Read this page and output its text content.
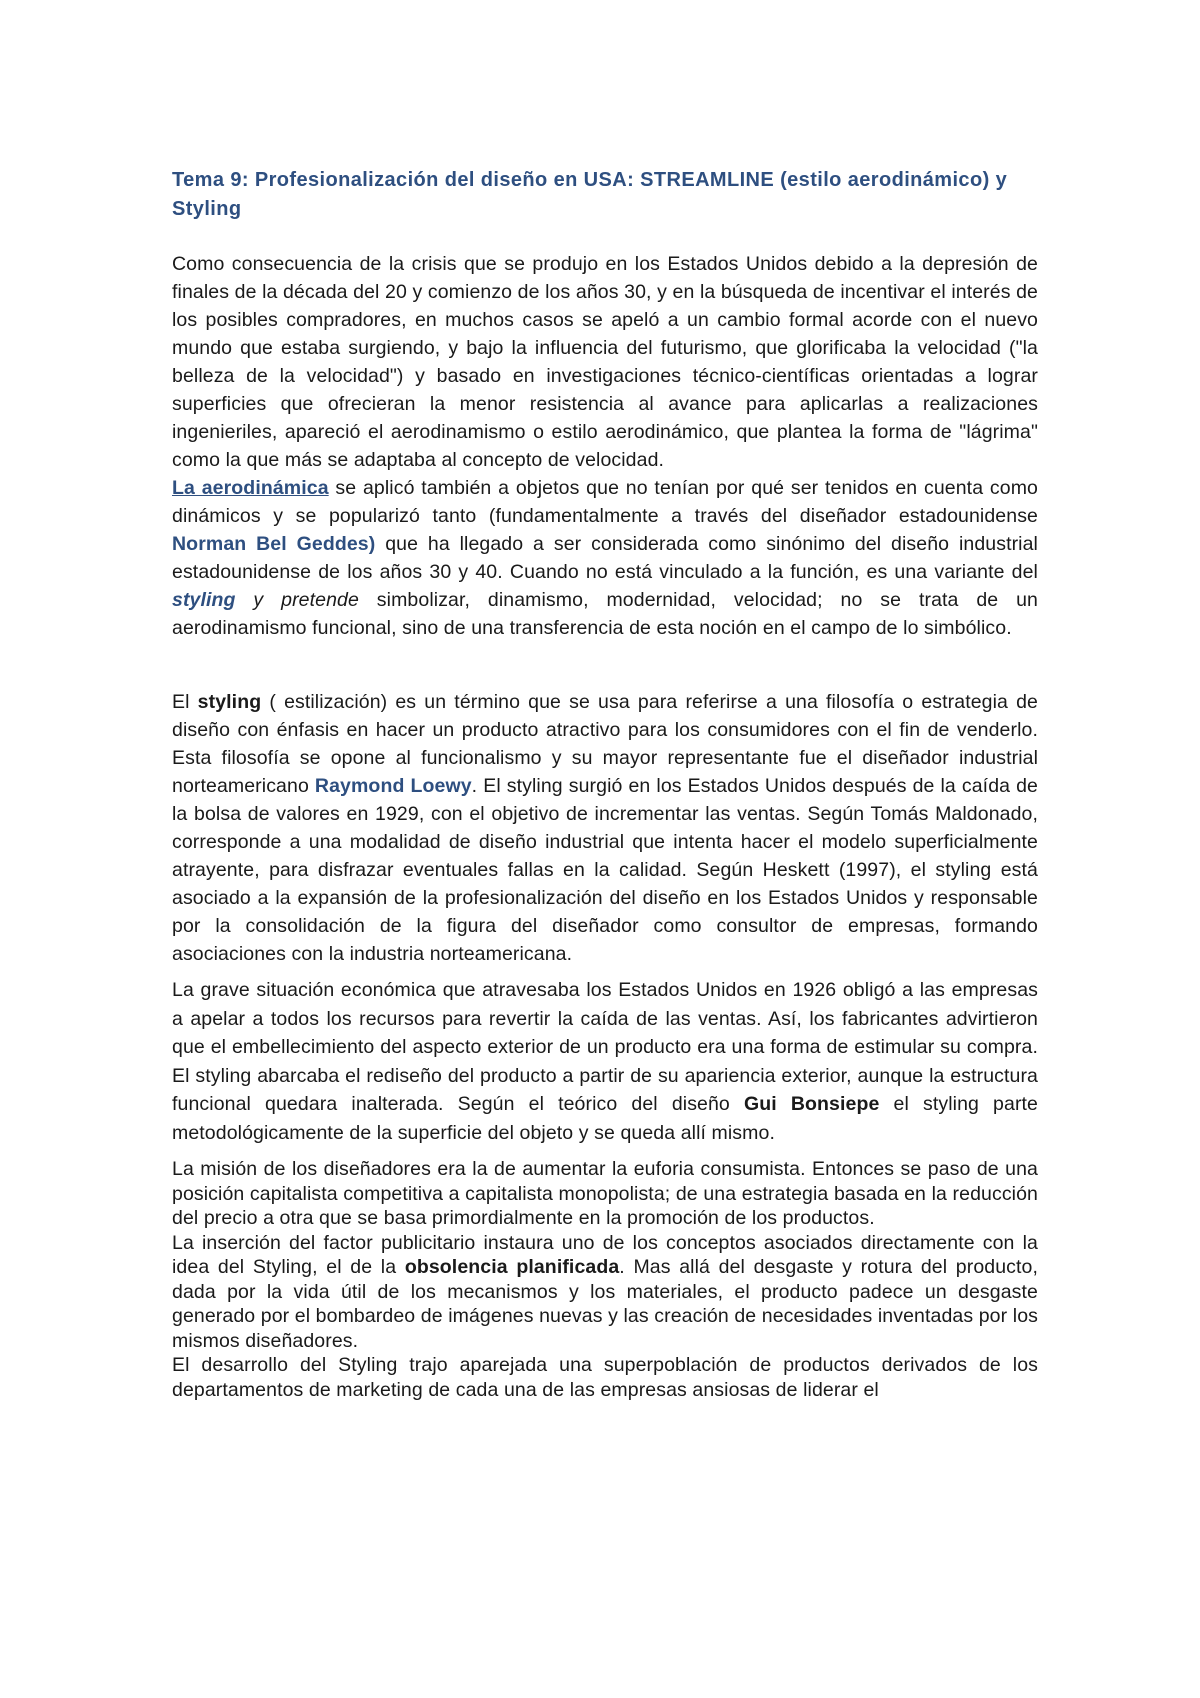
Tema 9: Profesionalización del diseño en USA: STREAMLINE (estilo aerodinámico) y Styling

Como consecuencia de la crisis que se produjo en los Estados Unidos debido a la depresión de finales de la década del 20 y comienzo de los años 30, y en la búsqueda de incentivar el interés de los posibles compradores, en muchos casos se apeló a un cambio formal acorde con el nuevo mundo que estaba surgiendo, y bajo la influencia del futurismo, que glorificaba la velocidad ("la belleza de la velocidad") y basado en investigaciones técnico-científicas orientadas a lograr superficies que ofrecieran la menor resistencia al avance para aplicarlas a realizaciones ingenieriles, apareció el aerodinamismo o estilo aerodinámico, que plantea la forma de "lágrima" como la que más se adaptaba al concepto de velocidad.

La aerodinámica se aplicó también a objetos que no tenían por qué ser tenidos en cuenta como dinámicos y se popularizó tanto (fundamentalmente a través del diseñador estadounidense Norman Bel Geddes) que ha llegado a ser considerada como sinónimo del diseño industrial estadounidense de los años 30 y 40. Cuando no está vinculado a la función, es una variante del styling y pretende simbolizar, dinamismo, modernidad, velocidad; no se trata de un aerodinamismo funcional, sino de una transferencia de esta noción en el campo de lo simbólico.

El styling ( estilización) es un término que se usa para referirse a una filosofía o estrategia de diseño con énfasis en hacer un producto atractivo para los consumidores con el fin de venderlo. Esta filosofía se opone al funcionalismo y su mayor representante fue el diseñador industrial norteamericano Raymond Loewy. El styling surgió en los Estados Unidos después de la caída de la bolsa de valores en 1929, con el objetivo de incrementar las ventas. Según Tomás Maldonado, corresponde a una modalidad de diseño industrial que intenta hacer el modelo superficialmente atrayente, para disfrazar eventuales fallas en la calidad. Según Heskett (1997), el styling está asociado a la expansión de la profesionalización del diseño en los Estados Unidos y responsable por la consolidación de la figura del diseñador como consultor de empresas, formando asociaciones con la industria norteamericana.

La grave situación económica que atravesaba los Estados Unidos en 1926 obligó a las empresas a apelar a todos los recursos para revertir la caída de las ventas. Así, los fabricantes advirtieron que el embellecimiento del aspecto exterior de un producto era una forma de estimular su compra. El styling abarcaba el rediseño del producto a partir de su apariencia exterior, aunque la estructura funcional quedara inalterada. Según el teórico del diseño Gui Bonsiepe el styling parte metodológicamente de la superficie del objeto y se queda allí mismo.

La misión de los diseñadores era la de aumentar la euforia consumista. Entonces se paso de una posición capitalista competitiva a capitalista monopolista; de una estrategia basada en la reducción del precio a otra que se basa primordialmente en la promoción de los productos.

La inserción del factor publicitario instaura uno de los conceptos asociados directamente con la idea del Styling, el de la obsolencia planificada. Mas allá del desgaste y rotura del producto, dada por la vida útil de los mecanismos y los materiales, el producto padece un desgaste generado por el bombardeo de imágenes nuevas y las creación de necesidades inventadas por los mismos diseñadores.

El desarrollo del Styling trajo aparejada una superpoblación de productos derivados de los departamentos de marketing de cada una de las empresas ansiosas de liderar el
